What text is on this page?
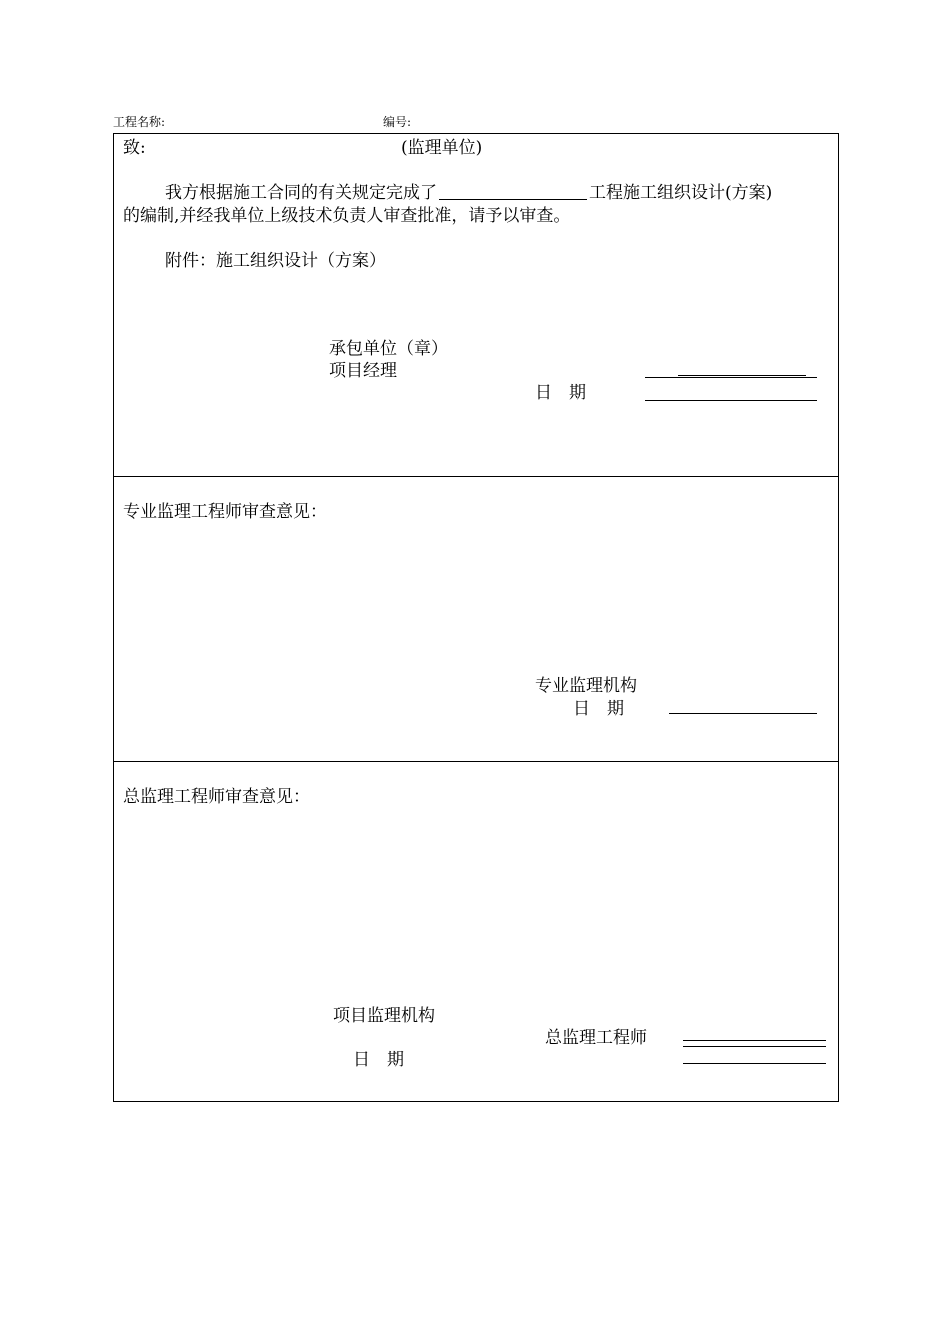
工程名称:	编号:
致:	(监理单位)
我方根据施工合同的有关规定完成了	工程施工组织设计(方案)
的编制,并经我单位上级技术负责人审查批准，请予以审查。
附件：施工组织设计（方案）
承包单位（章）
项目经理
日　期
专业监理工程师审查意见：
专业监理机构
日　期
总监理工程师审查意见：
项目监理机构
总监理工程师
日　期
